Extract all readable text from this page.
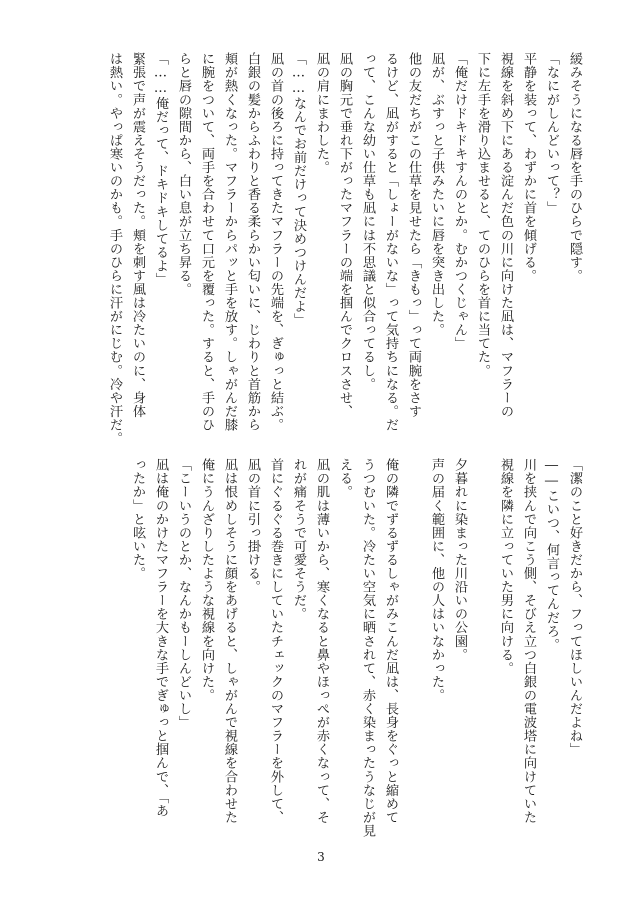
「潔のこと好きだから、フってほしいんだよね」
――こいつ、何言ってんだろ。
川を挟んで向こう側、そびえ立つ白銀の電波塔に向けていた
視線を隣に立っていた男に向ける。
夕暮れに染まった川沿いの公園。
声の届く範囲に、他の人はいなかった。
俺の隣でずるずるしゃがみこんだ凪は、長身をぐっと縮めて
うつむいた。冷たい空気に晒されて、赤く染まったうなじが見
える。
凪の肌は薄いから、寒くなると鼻やほっぺが赤くなって、そ
れが痛そうで可愛そうだ。
首にぐるぐる巻きにしていたチェックのマフラーを外して、
凪の首に引っ掛ける。
凪は恨めしそうに顔をあげると、しゃがんで視線を合わせた
俺にうんざりしたような視線を向けた。
「こーいうのとか、なんかもーしんどいし」
凪は俺のかけたマフラーを大きな手でぎゅっと掴んで、「あ
ったか」と呟いた。
緩みそうになる唇を手のひらで隠す。
「なにがしんどいって？」
平静を装って、わずかに首を傾げる。
視線を斜め下にある淀んだ色の川に向けた凪は、マフラーの
下に左手を滑り込ませると、てのひらを首に当てた。
「俺だけドキドキすんのとか。むかつくじゃん」
凪が、ぶすっと子供みたいに唇を突き出した。
他の友だちがこの仕草を見せたら「きもっ」って両腕をさす
るけど、凪がすると「しょーがないな」って気持ちになる。だ
って、こんな幼い仕草も凪には不思議と似合ってるし。
凪の胸元で垂れ下がったマフラーの端を掴んでクロスさせ、
凪の肩にまわした。
「……なんでお前だけって決めつけんだよ」
凪の首の後ろに持ってきたマフラーの先端を、ぎゅっと結ぶ。
白銀の髪からふわりと香る柔らかい匂いに、じわりと首筋から
頬が熱くなった。マフラーからパッと手を放す。しゃがんだ膝
に腕をついて、両手を合わせて口元を覆った。すると、手のひ
らと唇の隙間から、白い息が立ち昇る。
「……俺だって、ドキドキしてるよ」
緊張で声が震えそうだった。頬を刺す風は冷たいのに、身体
は熱い。やっぱ寒いのかも。手のひらに汗がにじむ。冷や汗だ。
3
